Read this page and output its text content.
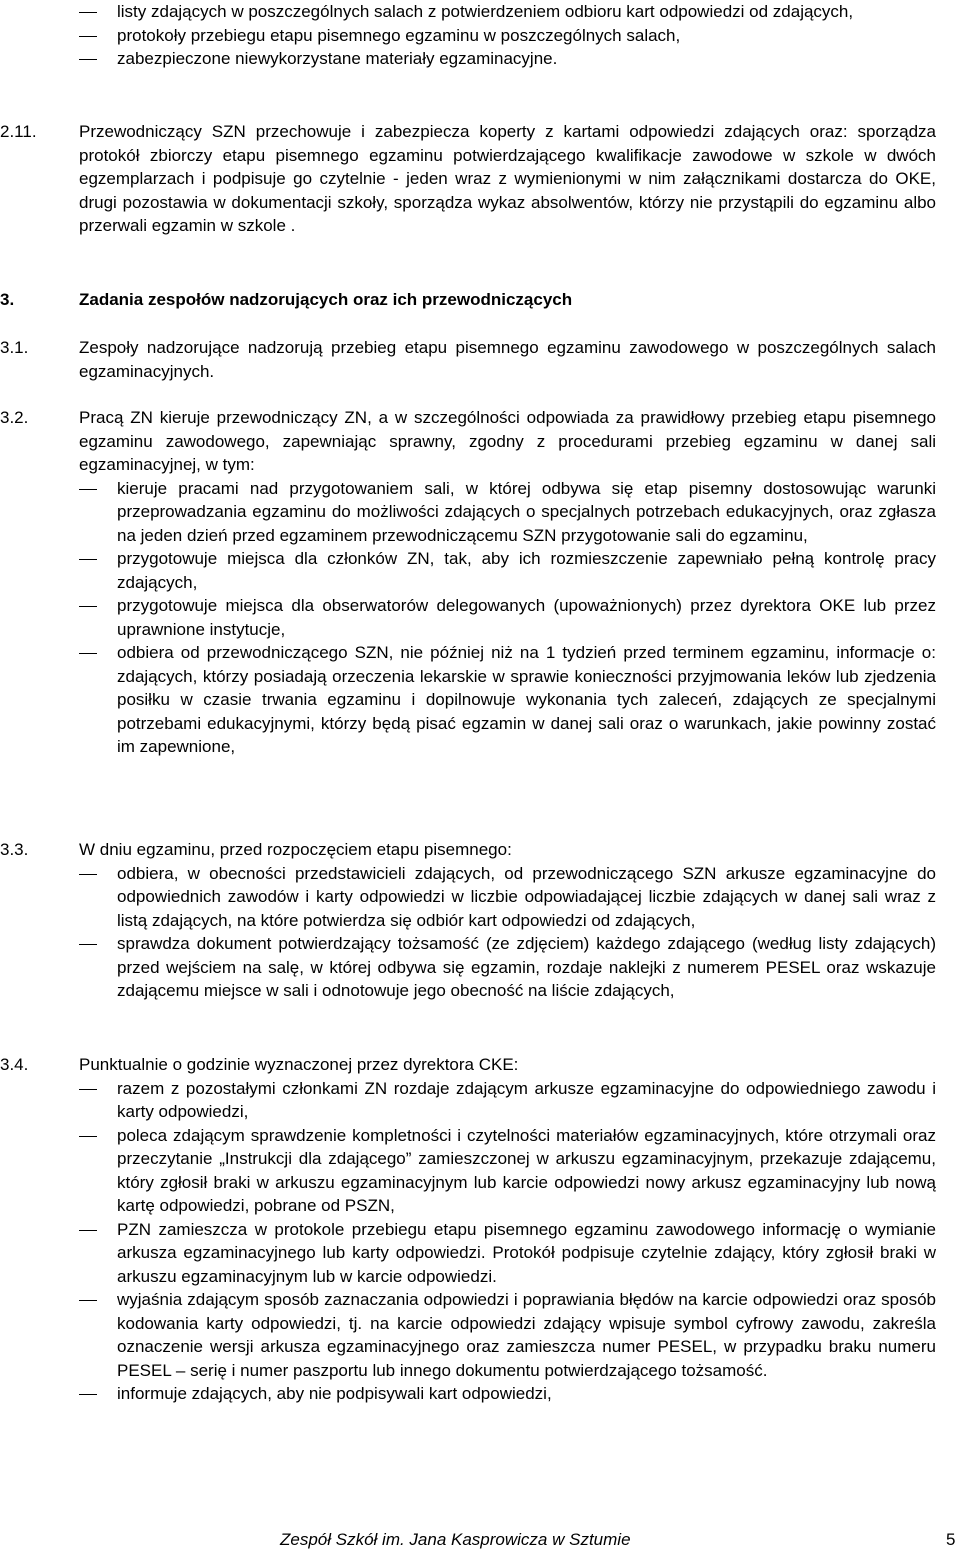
listy zdających w poszczególnych salach z potwierdzeniem odbioru kart odpowiedzi od zdających,
protokoły przebiegu etapu pisemnego egzaminu w poszczególnych salach,
zabezpieczone niewykorzystane materiały egzaminacyjne.
2.11. Przewodniczący SZN przechowuje i zabezpiecza koperty z kartami odpowiedzi zdających oraz: sporządza protokół zbiorczy etapu pisemnego egzaminu potwierdzającego kwalifikacje zawodowe w szkole w dwóch egzemplarzach i podpisuje go czytelnie - jeden wraz z wymienionymi w nim załącznikami dostarcza do OKE, drugi pozostawia w dokumentacji szkoły, sporządza wykaz absolwentów, którzy nie przystąpili do egzaminu albo przerwali egzamin w szkole .
3.	Zadania zespołów nadzorujących oraz ich przewodniczących
3.1.	Zespoły nadzorujące nadzorują przebieg etapu pisemnego egzaminu zawodowego w poszczególnych salach egzaminacyjnych.
3.2.	Pracą ZN kieruje przewodniczący ZN, a w szczególności odpowiada za prawidłowy przebieg etapu pisemnego egzaminu zawodowego, zapewniając sprawny, zgodny z procedurami przebieg egzaminu w danej sali egzaminacyjnej, w tym:
kieruje pracami nad przygotowaniem sali, w której odbywa się etap pisemny dostosowując warunki przeprowadzania egzaminu do możliwości zdających o specjalnych potrzebach edukacyjnych, oraz zgłasza na jeden dzień przed egzaminem przewodniczącemu SZN przygotowanie sali do egzaminu,
przygotowuje miejsca dla członków ZN, tak, aby ich rozmieszczenie zapewniało pełną kontrolę pracy zdających,
przygotowuje miejsca dla obserwatorów delegowanych (upoważnionych) przez dyrektora OKE lub przez uprawnione instytucje,
odbiera od przewodniczącego SZN, nie później niż na 1 tydzień przed terminem egzaminu, informacje o: zdających, którzy posiadają orzeczenia lekarskie w sprawie konieczności przyjmowania leków lub zjedzenia posiłku w czasie trwania egzaminu i dopilnowuje wykonania tych zaleceń, zdających ze specjalnymi potrzebami edukacyjnymi, którzy będą pisać egzamin w danej sali oraz o warunkach, jakie powinny zostać im zapewnione,
3.3.	W dniu egzaminu, przed rozpoczęciem etapu pisemnego:
odbiera, w obecności przedstawicieli zdających, od przewodniczącego SZN arkusze egzaminacyjne do odpowiednich zawodów i karty odpowiedzi w liczbie odpowiadającej liczbie zdających w danej sali wraz z listą zdających, na które potwierdza się odbiór kart odpowiedzi od zdających,
sprawdza dokument potwierdzający tożsamość (ze zdjęciem) każdego zdającego (według listy zdających) przed wejściem na salę, w której odbywa się egzamin, rozdaje naklejki z numerem PESEL oraz wskazuje zdającemu miejsce w sali i odnotowuje jego obecność na liście zdających,
3.4.	Punktualnie o godzinie wyznaczonej przez dyrektora CKE:
razem z pozostałymi członkami ZN rozdaje zdającym arkusze egzaminacyjne do odpowiedniego zawodu i karty odpowiedzi,
poleca zdającym sprawdzenie kompletności i czytelności materiałów egzaminacyjnych, które otrzymali oraz przeczytanie „Instrukcji dla zdającego” zamieszczonej w arkuszu egzaminacyjnym, przekazuje zdającemu, który zgłosił braki w arkuszu egzaminacyjnym lub karcie odpowiedzi nowy arkusz egzaminacyjny lub nową kartę odpowiedzi, pobrane od PSZN,
PZN zamieszcza w protokole przebiegu etapu pisemnego egzaminu zawodowego informację o wymianie arkusza egzaminacyjnego lub karty odpowiedzi. Protokół podpisuje czytelnie zdający, który zgłosił braki w arkuszu egzaminacyjnym lub w karcie odpowiedzi.
wyjaśnia zdającym sposób zaznaczania odpowiedzi i poprawiania błędów na karcie odpowiedzi oraz sposób kodowania karty odpowiedzi, tj. na karcie odpowiedzi zdający wpisuje symbol cyfrowy zawodu, zakreśla oznaczenie wersji arkusza egzaminacyjnego oraz zamieszcza numer PESEL, w przypadku braku numeru PESEL – serię i numer paszportu lub innego dokumentu potwierdzającego tożsamość.
informuje zdających, aby nie podpisywali kart odpowiedzi,
Zespół Szkół im. Jana Kasprowicza w Sztumie	5
